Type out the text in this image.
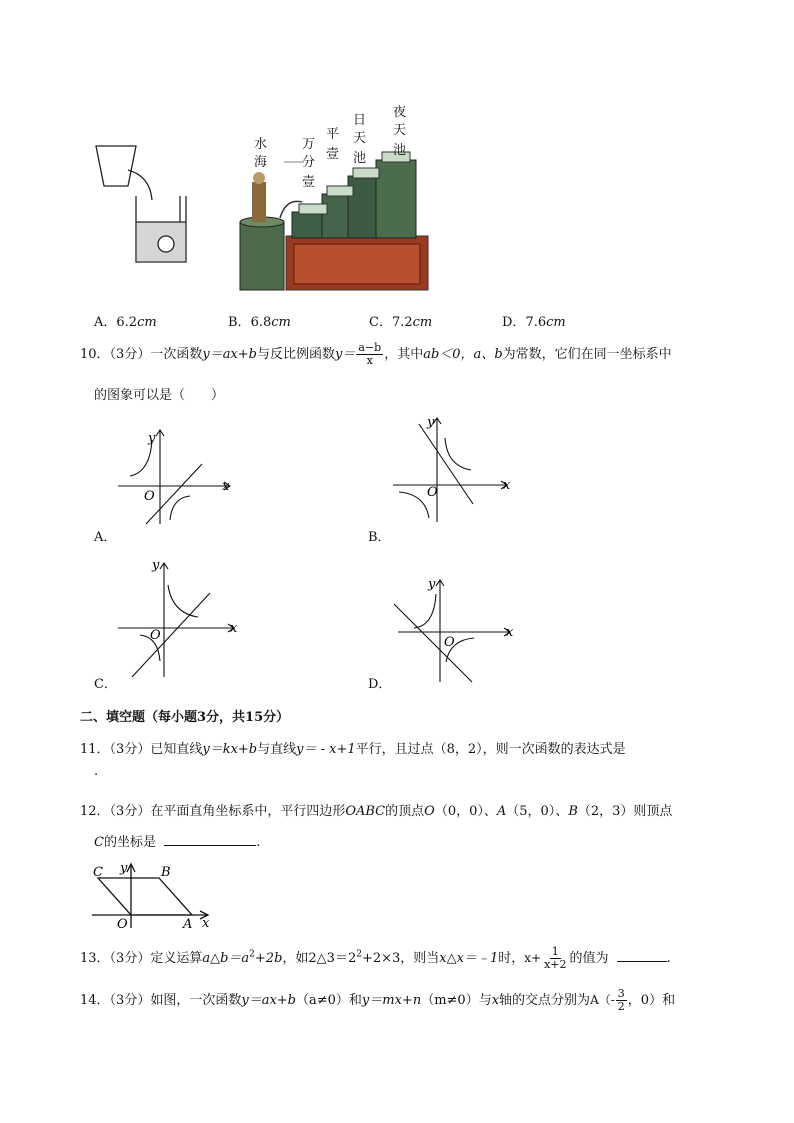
水
海
万
分
壹
平
壹
日
天
池
夜
天
池
A．6.2cm	B．6.8cm	C．7.2cm	D．7.6cm
10．（3分）一次函数y＝ax+b与反比例函数$y= \frac{a-b}{x}$ ，其中ab＜0，a、b为常数，它们在同一坐标系中
的图象可以是（　　）
x
y
O
A．
x
y
O
B．
x
y
O
C．
x
y
O
D．
二、填空题（每小题3分，共15分）
11．（3分）已知直线y＝kx+b与直线y＝ - x+1平行，且过点（8，2），则一次函数的表达式是
.
12．（3分）在平面直角坐标系中，平行四边形OABC的顶点O（0，0）、A（5，0）、B（2，3）则顶点
C的坐标是	.
C	B
O	A x
y
13．（3分）定义运算$a\triangle b=a^2+2b$，如$2\triangle 3=2^2+2\times 3$，则当x△x＝﹣1时，$x+ \frac{1}{x+2}$ 的值为	.
14．（3分）如图，一次函数y＝ax+b（a≠0）和y＝mx+n（m≠0）与x轴的交点分别为$A(- \frac{3}{2}$ ，0）和
